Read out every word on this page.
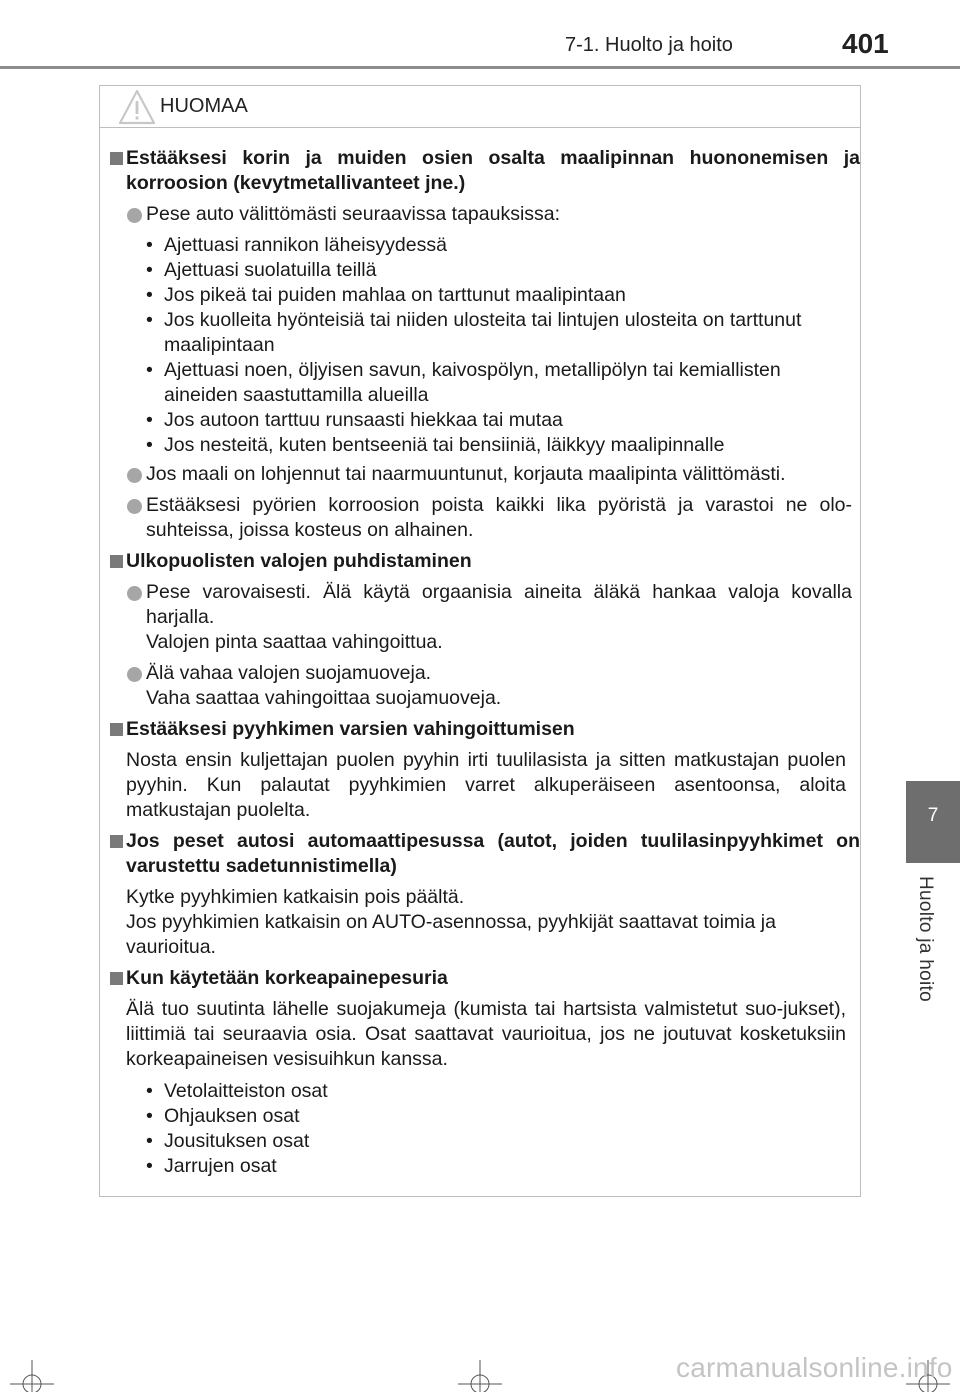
7-1. Huolto ja hoito	401
7
Huolto ja hoito
HUOMAA
Estääksesi korin ja muiden osien osalta maalipinnan huononemisen ja korroosion (kevytmetallivanteet jne.)
Pese auto välittömästi seuraavissa tapauksissa:
• Ajettuasi rannikon läheisyydessä
• Ajettuasi suolatuilla teillä
• Jos pikeä tai puiden mahlaa on tarttunut maalipintaan
• Jos kuolleita hyönteisiä tai niiden ulosteita tai lintujen ulosteita on tarttunut maalipintaan
• Ajettuasi noen, öljyisen savun, kaivospölyn, metallipölyn tai kemiallisten aineiden saastuttamilla alueilla
• Jos autoon tarttuu runsaasti hiekkaa tai mutaa
• Jos nesteitä, kuten bentseeniä tai bensiiniä, läikkyy maalipinnalle
Jos maali on lohjennut tai naarmuuntunut, korjauta maalipinta välittömästi.
Estääksesi pyörien korroosion poista kaikki lika pyöristä ja varastoi ne olo-suhteissa, joissa kosteus on alhainen.
Ulkopuolisten valojen puhdistaminen
Pese varovaisesti. Älä käytä orgaanisia aineita äläkä hankaa valoja kovalla harjalla.
Valojen pinta saattaa vahingoittua.
Älä vahaa valojen suojamuoveja.
Vaha saattaa vahingoittaa suojamuoveja.
Estääksesi pyyhkimen varsien vahingoittumisen
Nosta ensin kuljettajan puolen pyyhin irti tuulilasista ja sitten matkustajan puolen pyyhin. Kun palautat pyyhkimien varret alkuperäiseen asentoonsa, aloita matkustajan puolelta.
Jos peset autosi automaattipesussa (autot, joiden tuulilasinpyyhkimet on varustettu sadetunnistimella)
Kytke pyyhkimien katkaisin pois päältä.
Jos pyyhkimien katkaisin on AUTO-asennossa, pyyhkijät saattavat toimia ja vaurioitua.
Kun käytetään korkeapainepesuria
Älä tuo suutinta lähelle suojakumeja (kumista tai hartsista valmistetut suo-jukset), liittimiä tai seuraavia osia. Osat saattavat vaurioitua, jos ne joutuvat kosketuksiin korkeapaineisen vesisuihkun kanssa.
• Vetolaitteiston osat
• Ohjauksen osat
• Jousituksen osat
• Jarrujen osat
carmanualsonline.info
